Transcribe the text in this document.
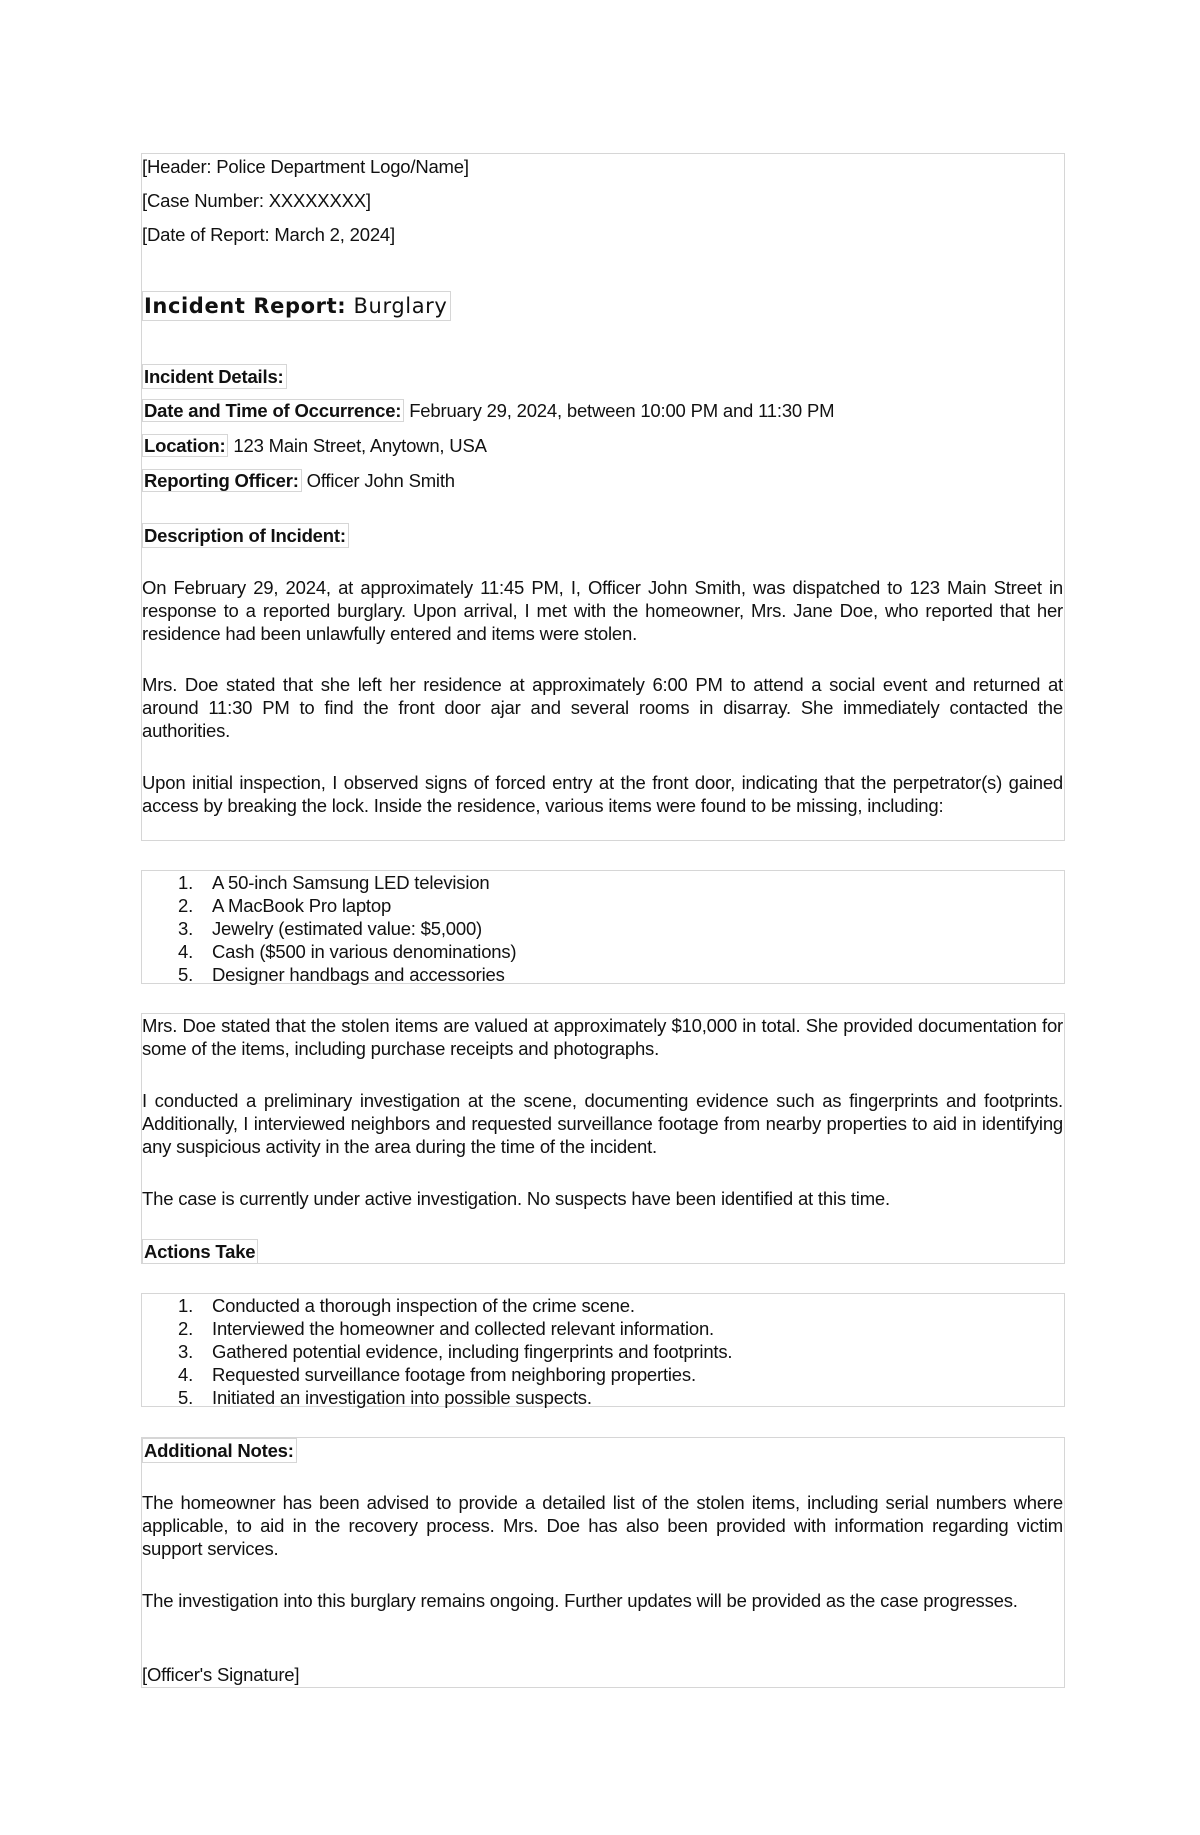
[Header: Police Department Logo/Name]
[Case Number: XXXXXXXX]
[Date of Report: March 2, 2024]
Incident Report: Burglary
Incident Details:
Date and Time of Occurrence: February 29, 2024, between 10:00 PM and 11:30 PM
Location: 123 Main Street, Anytown, USA
Reporting Officer: Officer John Smith
Description of Incident:
On February 29, 2024, at approximately 11:45 PM, I, Officer John Smith, was dispatched to 123 Main Street in response to a reported burglary. Upon arrival, I met with the homeowner, Mrs. Jane Doe, who reported that her residence had been unlawfully entered and items were stolen.
Mrs. Doe stated that she left her residence at approximately 6:00 PM to attend a social event and returned at around 11:30 PM to find the front door ajar and several rooms in disarray. She immediately contacted the authorities.
Upon initial inspection, I observed signs of forced entry at the front door, indicating that the perpetrator(s) gained access by breaking the lock. Inside the residence, various items were found to be missing, including:
1. A 50-inch Samsung LED television
2. A MacBook Pro laptop
3. Jewelry (estimated value: $5,000)
4. Cash ($500 in various denominations)
5. Designer handbags and accessories
Mrs. Doe stated that the stolen items are valued at approximately $10,000 in total. She provided documentation for some of the items, including purchase receipts and photographs.
I conducted a preliminary investigation at the scene, documenting evidence such as fingerprints and footprints. Additionally, I interviewed neighbors and requested surveillance footage from nearby properties to aid in identifying any suspicious activity in the area during the time of the incident.
The case is currently under active investigation. No suspects have been identified at this time.
Actions Take
1. Conducted a thorough inspection of the crime scene.
2. Interviewed the homeowner and collected relevant information.
3. Gathered potential evidence, including fingerprints and footprints.
4. Requested surveillance footage from neighboring properties.
5. Initiated an investigation into possible suspects.
Additional Notes:
The homeowner has been advised to provide a detailed list of the stolen items, including serial numbers where applicable, to aid in the recovery process. Mrs. Doe has also been provided with information regarding victim support services.
The investigation into this burglary remains ongoing. Further updates will be provided as the case progresses.
[Officer's Signature]
